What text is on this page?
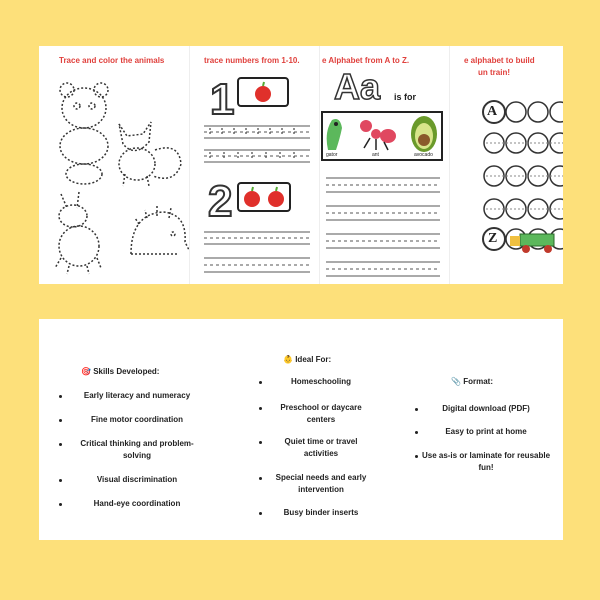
Trace and color the animals	trace numbers from 1-10.
1
2
e Alphabet from A to Z.
Aa is for
gator	ant	avocado
e alphabet to build
un train!
A
Z
🎯 Skills Developed:
Early literacy and numeracy
Fine motor coordination
Critical thinking and problem-solving
Visual discrimination
Hand-eye coordination
👶 Ideal For:
Homeschooling
Preschool or daycare centers
Quiet time or travel activities
Special needs and early intervention
Busy binder inserts
📎 Format:
Digital download (PDF)
Easy to print at home
Use as-is or laminate for reusable fun!
